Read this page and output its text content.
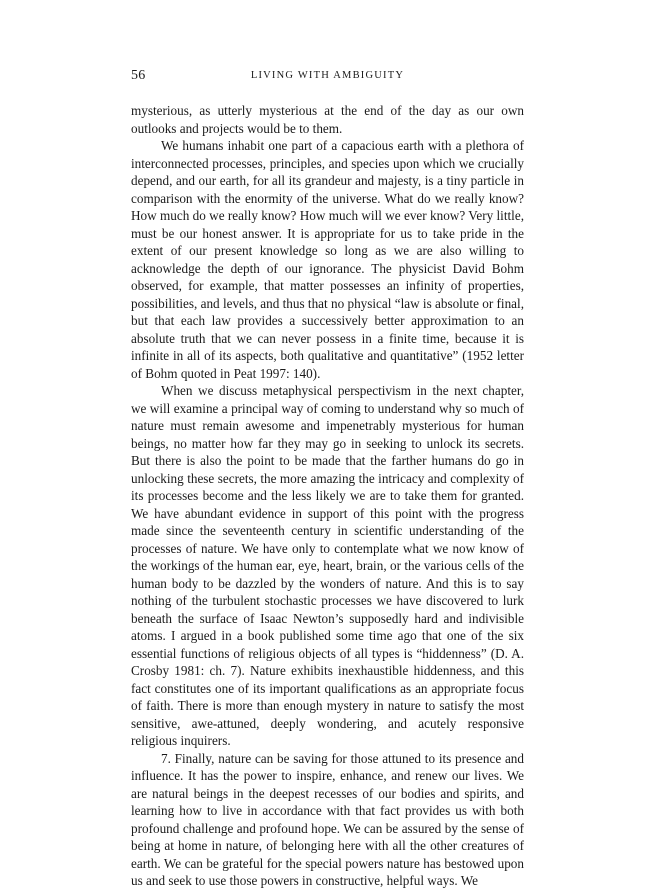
56	LIVING WITH AMBIGUITY

mysterious, as utterly mysterious at the end of the day as our own outlooks and projects would be to them.

We humans inhabit one part of a capacious earth with a plethora of interconnected processes, principles, and species upon which we crucially depend, and our earth, for all its grandeur and majesty, is a tiny particle in comparison with the enormity of the universe. What do we really know? How much do we really know? How much will we ever know? Very little, must be our honest answer. It is appropriate for us to take pride in the extent of our present knowledge so long as we are also willing to acknowledge the depth of our ignorance. The physicist David Bohm observed, for example, that matter possesses an infinity of properties, possibilities, and levels, and thus that no physical “law is absolute or final, but that each law provides a successively better approximation to an absolute truth that we can never possess in a finite time, because it is infinite in all of its aspects, both qualitative and quantitative” (1952 letter of Bohm quoted in Peat 1997: 140).

When we discuss metaphysical perspectivism in the next chapter, we will examine a principal way of coming to understand why so much of nature must remain awesome and impenetrably mysterious for human beings, no matter how far they may go in seeking to unlock its secrets. But there is also the point to be made that the farther humans do go in unlocking these secrets, the more amazing the intricacy and complexity of its processes become and the less likely we are to take them for granted. We have abundant evidence in support of this point with the progress made since the seventeenth century in scientific understanding of the processes of nature. We have only to contemplate what we now know of the workings of the human ear, eye, heart, brain, or the various cells of the human body to be dazzled by the wonders of nature. And this is to say nothing of the turbulent stochastic processes we have discovered to lurk beneath the surface of Isaac Newton’s supposedly hard and indivisible atoms. I argued in a book published some time ago that one of the six essential functions of religious objects of all types is “hiddenness” (D. A. Crosby 1981: ch. 7). Nature exhibits inexhaustible hiddenness, and this fact constitutes one of its important qualifications as an appropriate focus of faith. There is more than enough mystery in nature to satisfy the most sensitive, awe-attuned, deeply wondering, and acutely responsive religious inquirers.

7. Finally, nature can be saving for those attuned to its presence and influence. It has the power to inspire, enhance, and renew our lives. We are natural beings in the deepest recesses of our bodies and spirits, and learning how to live in accordance with that fact provides us with both profound challenge and profound hope. We can be assured by the sense of being at home in nature, of belonging here with all the other creatures of earth. We can be grateful for the special powers nature has bestowed upon us and seek to use those powers in constructive, helpful ways. We
